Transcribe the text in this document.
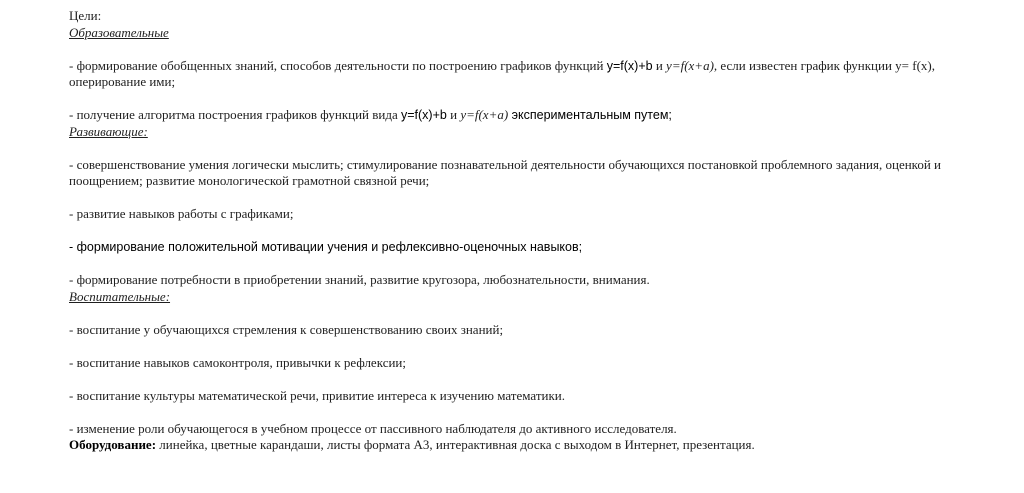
Цели:

Образовательные

- формирование обобщенных знаний, способов деятельности по построению графиков функций y=f(x)+b и y=f(x+a), если известен график функции y= f(x), оперирование ими;

- получение алгоритма построения графиков функций вида y=f(x)+b и y=f(x+a) экспериментальным путем;

Развивающие:

- совершенствование умения логически мыслить; стимулирование познавательной деятельности обучающихся постановкой проблемного задания, оценкой и поощрением; развитие монологической грамотной связной речи;

- развитие навыков работы с графиками;

- формирование положительной мотивации учения и рефлексивно-оценочных навыков;

- формирование потребности в приобретении знаний, развитие кругозора, любознательности, внимания.

Воспитательные:

- воспитание у обучающихся стремления к совершенствованию своих знаний;

- воспитание навыков самоконтроля, привычки к рефлексии;

- воспитание культуры математической речи, привитие интереса к изучению математики.

- изменение роли обучающегося в учебном процессе от пассивного наблюдателя до активного исследователя.

Оборудование: линейка, цветные карандаши, листы формата А3, интерактивная доска с выходом в Интернет, презентация.
